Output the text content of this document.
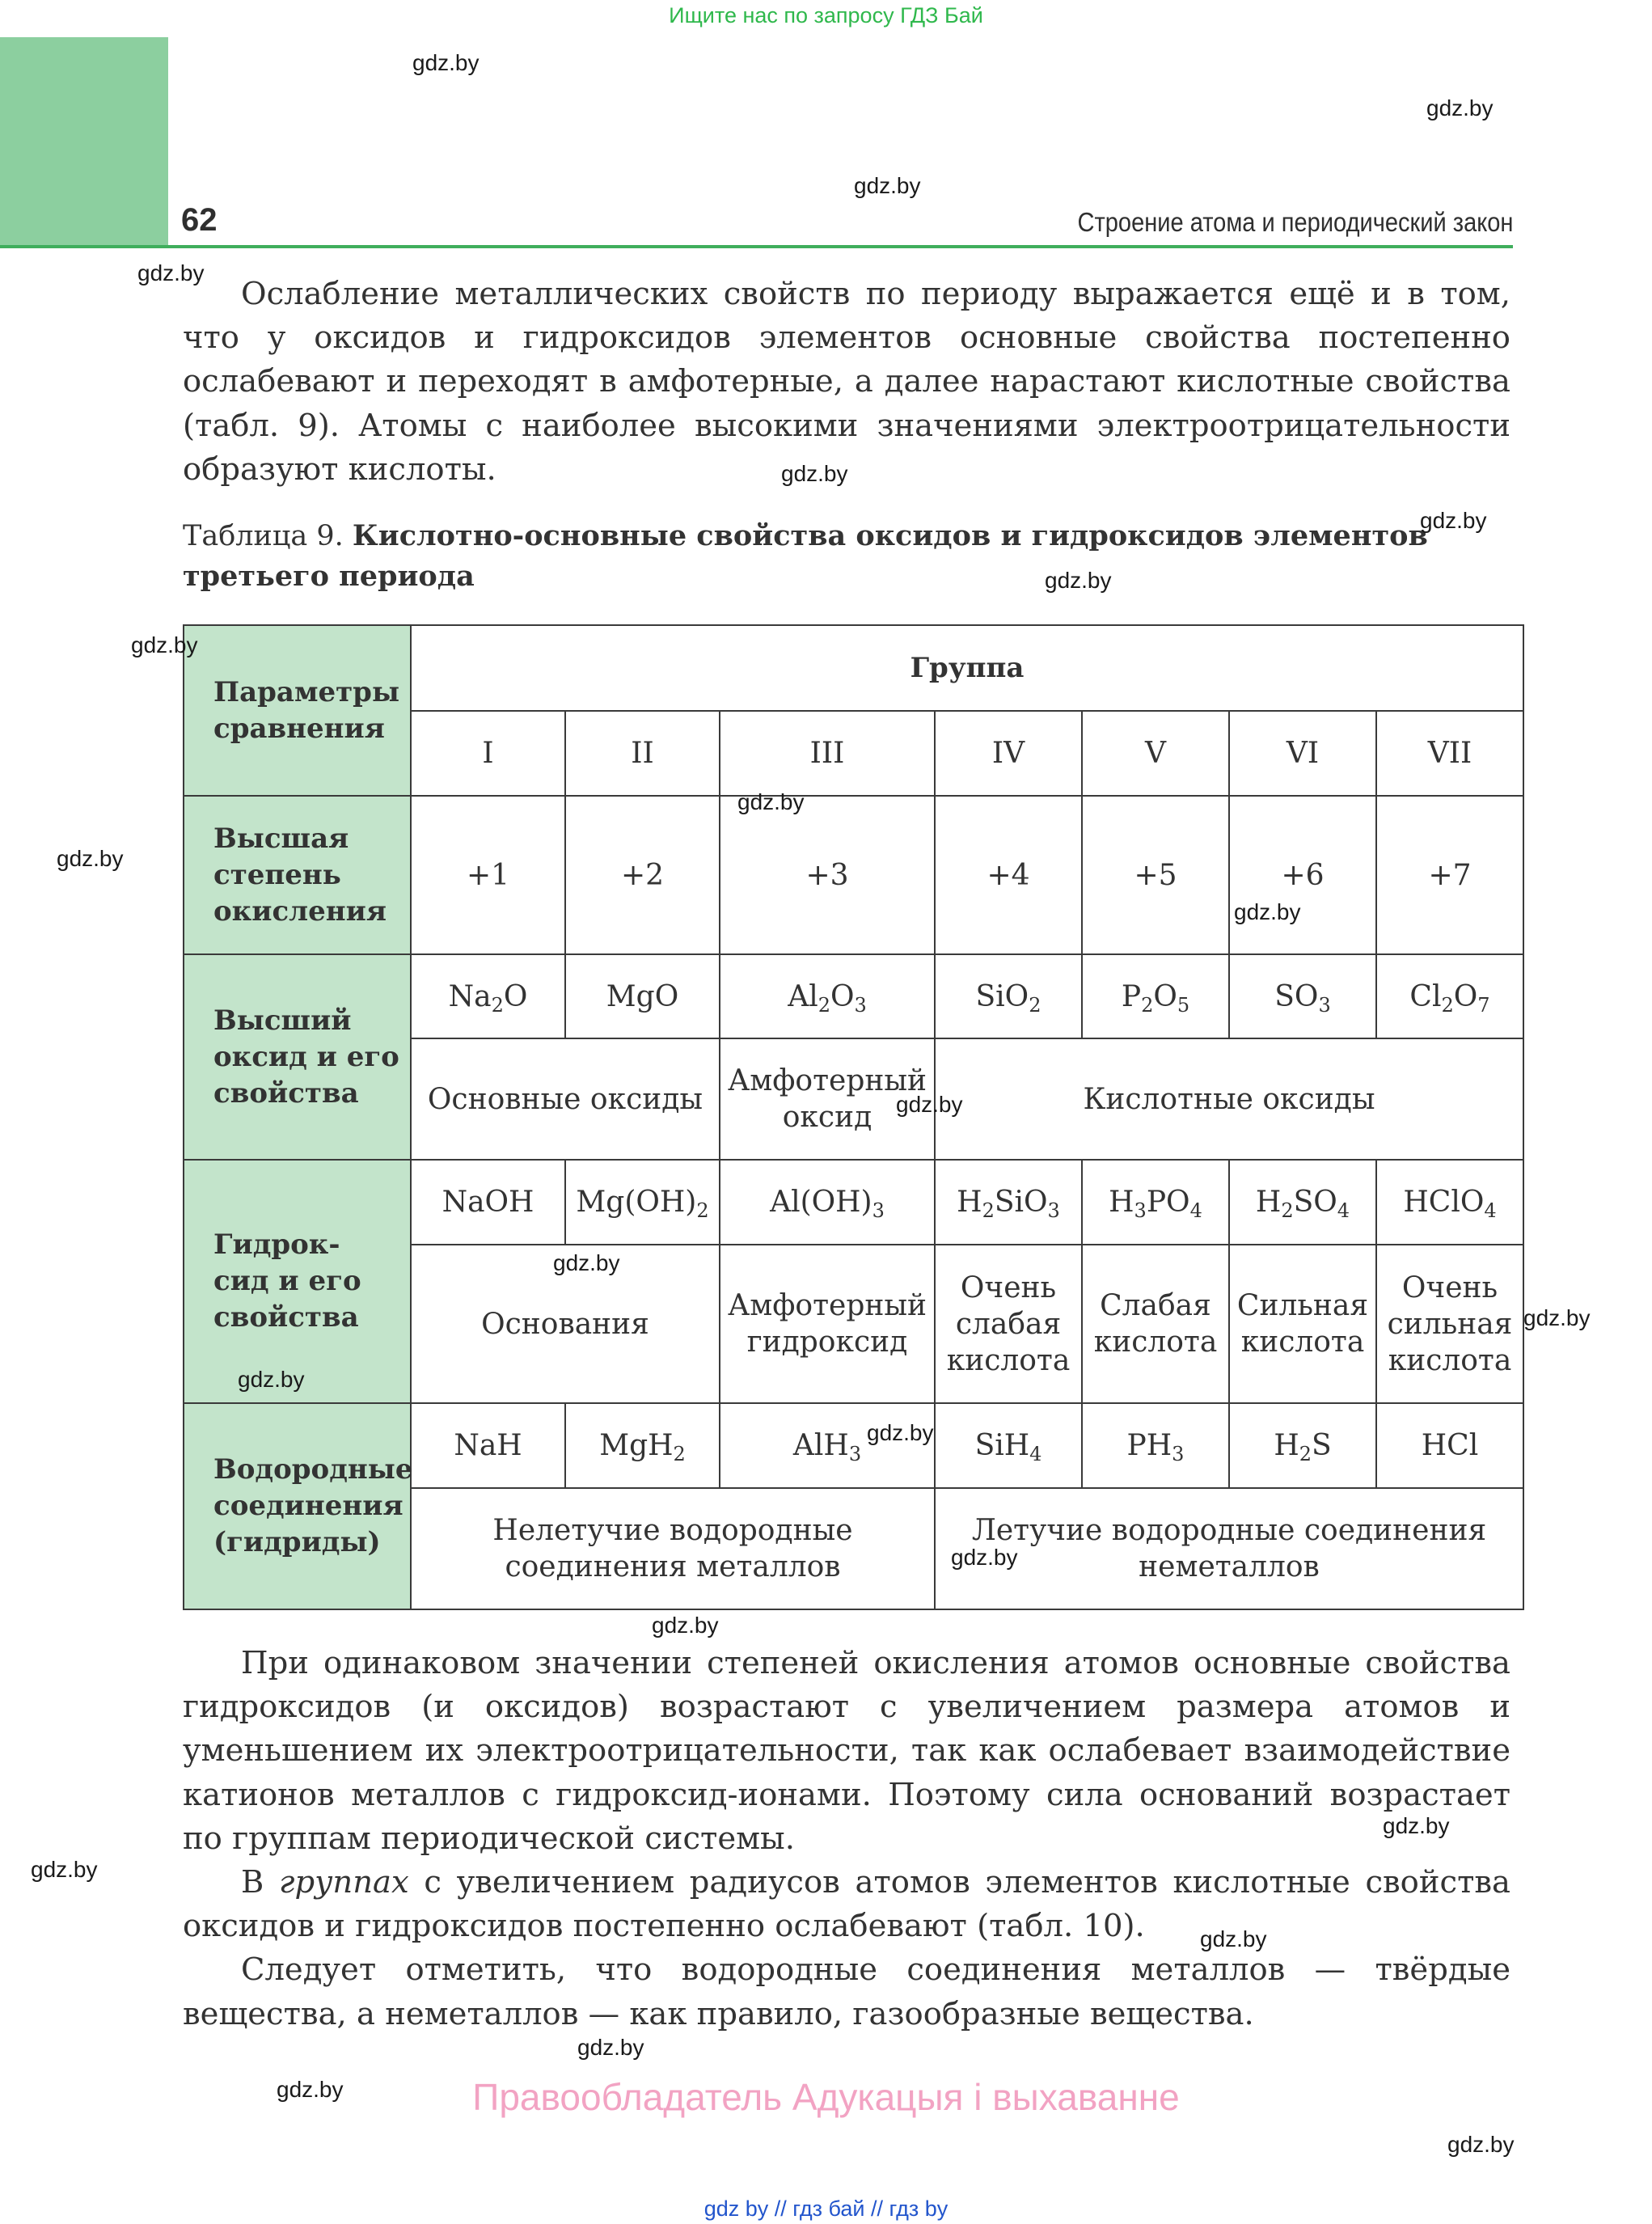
Ищите нас по запросу ГДЗ Бай
62	Строение атома и периодический закон

Ослабление металлических свойств по периоду выражается ещё и в том, что у оксидов и гидроксидов элементов основные свойства постепенно ослабевают и переходят в амфотерные, а далее нарастают кислотные свойства (табл. 9). Атомы с наиболее высокими значениями электроотрицательности образуют кислоты.

Таблица 9. Кислотно-основные свойства оксидов и гидроксидов элементов третьего периода
Параметры сравнения	Группа						
	I	II	III	IV	V	VI	VII
Высшая степень окисления	+1	+2	+3	+4	+5	+6	+7
Высший оксид и его свойства	$Na_2O$	MgO	$Al_2O_3$	SiO$_2$	$P_2O_5$	$SO_3$	$Cl_2O_7$
	Основные оксиды		Амфотерный оксид	Кислотные оксиды			
Гидрок-
сид и его
свойства	NaOH	$Mg(OH)_2$	$Al(OH)_3$	$H_2SiO_3$	$H_3PO_4$	$H_2SO_4$	HClO$_4$
	Основания		Амфотерный гидроксид	Очень слабая кислота	Слабая кислота	Сильная кислота	Очень сильная кислота
Водородные соединения (гидриды)	NaH	MgH$_2$	AlH$_3$	SiH$_4$	$PH_3$	$H_2S$	HCl
	Нелетучие водородные соединения металлов			Летучие водородные соединения неметаллов			

При одинаковом значении степеней окисления атомов основные свойства гидроксидов (и оксидов) возрастают с увеличением размера атомов и уменьшением их электроотрицательности, так как ослабевает взаимодействие катионов металлов с гидроксид-ионами. Поэтому сила оснований возрастает по группам периодической системы.

В группах с увеличением радиусов атомов элементов кислотные свойства оксидов и гидроксидов постепенно ослабевают (табл. 10).

Следует отметить, что водородные соединения металлов — твёрдые вещества, а неметаллов — как правило, газообразные вещества.

gdz.by
gdz.by
gdz.by
gdz.by
gdz.by
gdz.by
gdz.by
gdz.by
gdz.by
gdz.by
gdz.by
gdz.by
gdz.by
gdz.by
gdz.by
gdz.by
gdz.by
gdz.by
gdz.by
gdz.by
gdz.by
gdz.by
gdz.by
gdz.by
Правообладатель Адукацыя і выхаванне
gdz by // гдз бай // гдз by
